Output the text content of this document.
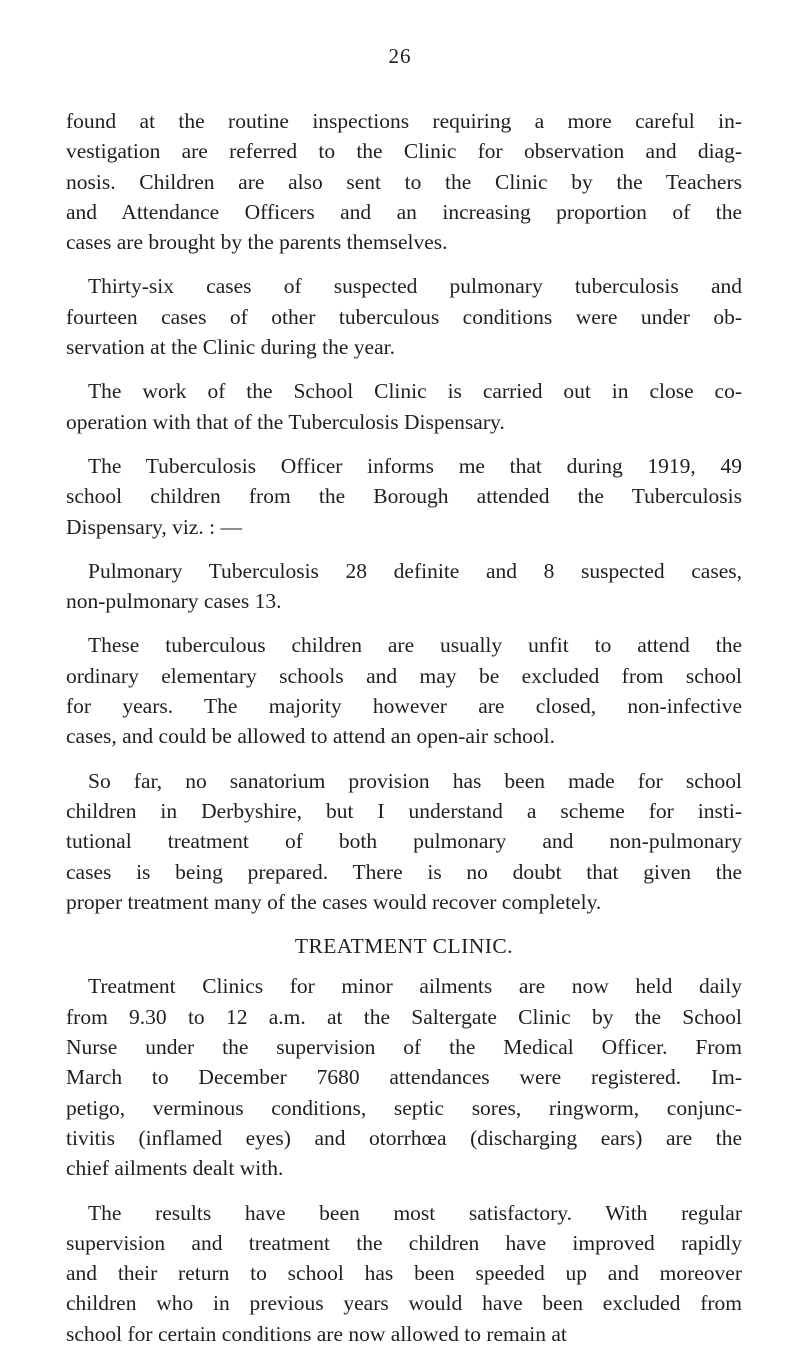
26

found at the routine inspections requiring a more careful in-
vestigation are referred to the Clinic for observation and diag-
nosis. Children are also sent to the Clinic by the Teachers
and Attendance Officers and an increasing proportion of the
cases are brought by the parents themselves.

Thirty-six cases of suspected pulmonary tuberculosis and
fourteen cases of other tuberculous conditions were under ob-
servation at the Clinic during the year.

The work of the School Clinic is carried out in close co-
operation with that of the Tuberculosis Dispensary.

The Tuberculosis Officer informs me that during 1919, 49
school children from the Borough attended the Tuberculosis
Dispensary, viz. : —

Pulmonary Tuberculosis 28 definite and 8 suspected cases,
non-pulmonary cases 13.

These tuberculous children are usually unfit to attend the
ordinary elementary schools and may be excluded from school
for years. The majority however are closed, non-infective
cases, and could be allowed to attend an open-air school.

So far, no sanatorium provision has been made for school
children in Derbyshire, but I understand a scheme for insti-
tutional treatment of both pulmonary and non-pulmonary
cases is being prepared. There is no doubt that given the
proper treatment many of the cases would recover completely.

TREATMENT CLINIC.

Treatment Clinics for minor ailments are now held daily
from 9.30 to 12 a.m. at the Saltergate Clinic by the School
Nurse under the supervision of the Medical Officer. From
March to December 7680 attendances were registered. Im-
petigo, verminous conditions, septic sores, ringworm, conjunc-
tivitis (inflamed eyes) and otorrhœa (discharging ears) are the
chief ailments dealt with.

The results have been most satisfactory. With regular
supervision and treatment the children have improved rapidly
and their return to school has been speeded up and moreover
children who in previous years would have been excluded from
school for certain conditions are now allowed to remain at
